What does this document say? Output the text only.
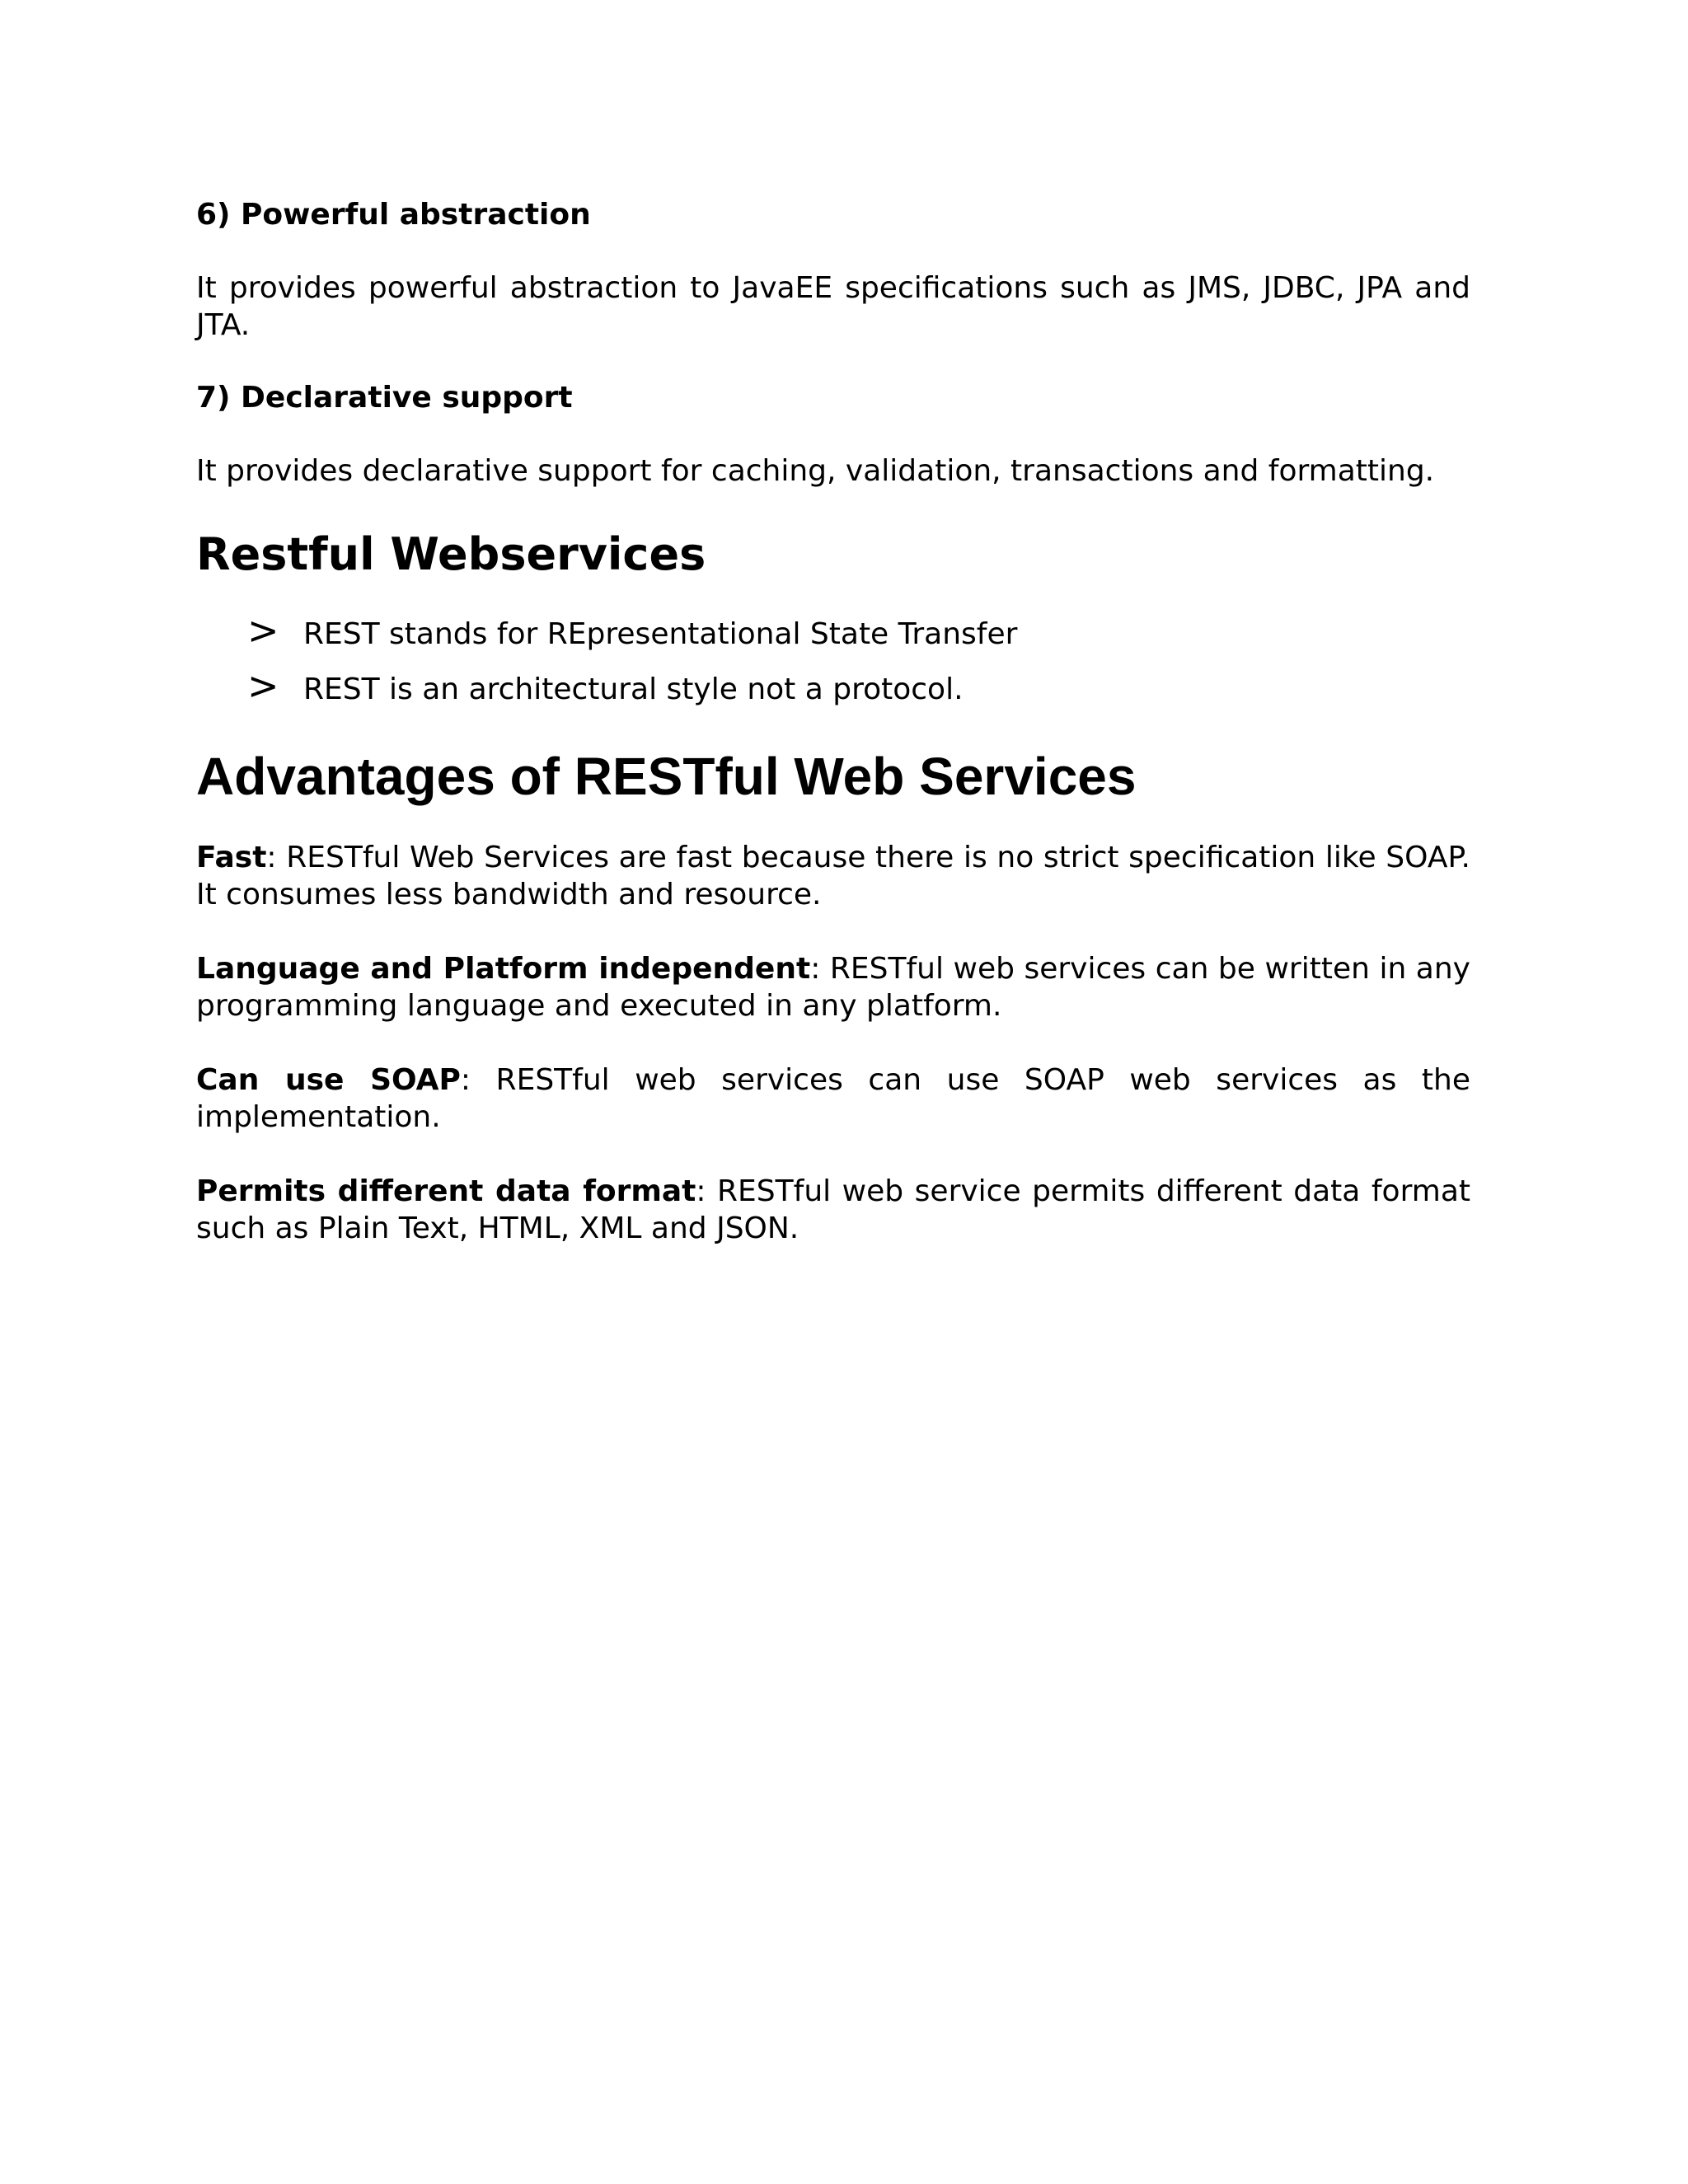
6) Powerful abstraction

It provides powerful abstraction to JavaEE specifications such as JMS, JDBC, JPA and JTA.

7) Declarative support

It provides declarative support for caching, validation, transactions and formatting.

Restful Webservices
> REST stands for REpresentational State Transfer
> REST is an architectural style not a protocol.
Advantages of RESTful Web Services

Fast: RESTful Web Services are fast because there is no strict specification like SOAP. It consumes less bandwidth and resource.

Language and Platform independent: RESTful web services can be written in any programming language and executed in any platform.

Can use SOAP: RESTful web services can use SOAP web services as the implementation.

Permits different data format: RESTful web service permits different data format such as Plain Text, HTML, XML and JSON.
